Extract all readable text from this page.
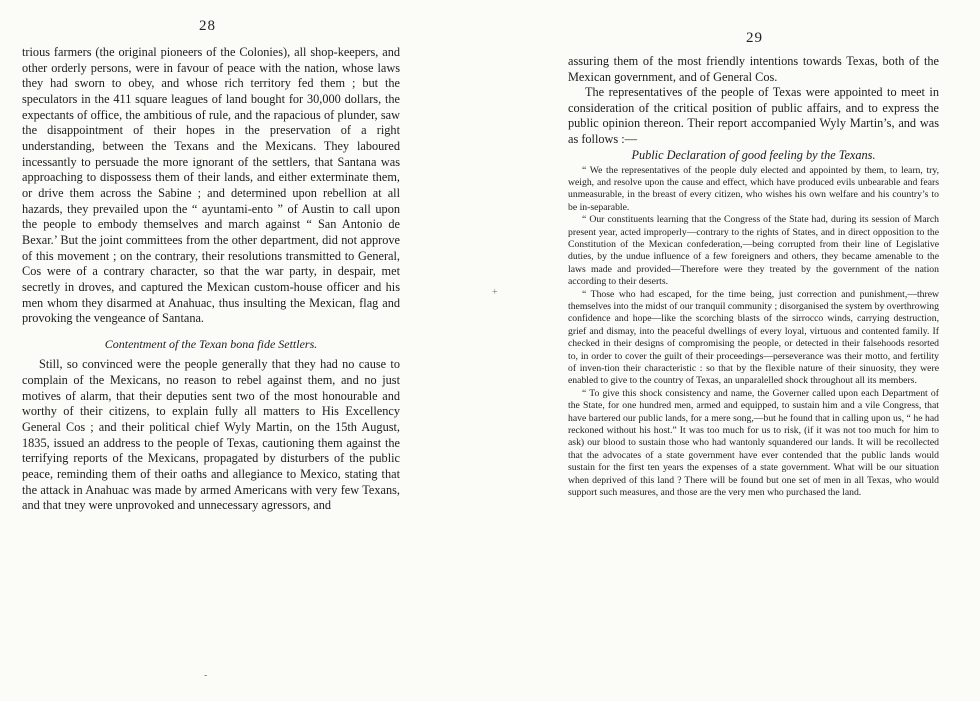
28
29

trious farmers (the original pioneers of the Colonies), all shop-keepers, and other orderly persons, were in favour of peace with the nation, whose laws they had sworn to obey, and whose rich territory fed them ; but the speculators in the 411 square leagues of land bought for 30,000 dollars, the expectants of office, the ambitious of rule, and the rapacious of plunder, saw the disappointment of their hopes in the preservation of a right understanding, between the Texans and the Mexicans. They laboured incessantly to persuade the more ignorant of the settlers, that Santana was approaching to dispossess them of their lands, and either exterminate them, or drive them across the Sabine ; and determined upon rebellion at all hazards, they prevailed upon the “ ayuntami-ento ” of Austin to call upon the people to embody themselves and march against “ San Antonio de Bexar.’ But the joint committees from the other department, did not approve of this movement ; on the contrary, their resolutions transmitted to General, Cos were of a contrary character, so that the war party, in despair, met secretly in droves, and captured the Mexican custom-house officer and his men whom they disarmed at Anahuac, thus insulting the Mexican, flag and provoking the vengeance of Santana.

Contentment of the Texan bona fide Settlers.

Still, so convinced were the people generally that they had no cause to complain of the Mexicans, no reason to rebel against them, and no just motives of alarm, that their deputies sent two of the most honourable and worthy of their citizens, to explain fully all matters to His Excellency General Cos ; and their political chief Wyly Martin, on the 15th August, 1835, issued an address to the people of Texas, cautioning them against the terrifying reports of the Mexicans, propagated by disturbers of the public peace, reminding them of their oaths and allegiance to Mexico, stating that the attack in Anahuac was made by armed Americans with very few Texans, and that tney were unprovoked and unnecessary agressors, and

assuring them of the most friendly intentions towards Texas, both of the Mexican government, and of General Cos.

The representatives of the people of Texas were appointed to meet in consideration of the critical position of public affairs, and to express the public opinion thereon. Their report accompanied Wyly Martin’s, and was as follows :—

Public Declaration of good feeling by the Texans.

“ We the representatives of the people duly elected and appointed by them, to learn, try, weigh, and resolve upon the cause and effect, which have produced evils unbearable and fears unmeasurable, in the breast of every citizen, who wishes his own welfare and his country’s to be in-separable.

“ Our constituents learning that the Congress of the State had, during its session of March present year, acted improperly—contrary to the rights of States, and in direct opposition to the Constitution of the Mexican confederation,—being corrupted from their line of Legislative duties, by the undue influence of a few foreigners and others, they became amenable to the laws made and provided—Therefore were they treated by the government of the nation according to their deserts.

“ Those who had escaped, for the time being, just correction and punishment,—threw themselves into the midst of our tranquil community ; disorganised the system by overthrowing confidence and hope—like the scorching blasts of the sirrocco winds, carrying destruction, grief and dismay, into the peaceful dwellings of every loyal, virtuous and contented family. If checked in their designs of compromising the people, or detected in their falsehoods resorted to, in order to cover the guilt of their proceedings—perseverance was their motto, and fertility of inven-tion their characteristic : so that by the flexible nature of their sinuosity, they were enabled to give to the country of Texas, an unparalelled shock throughout all its members.

“ To give this shock consistency and name, the Governer called upon each Department of the State, for one hundred men, armed and equipped, to sustain him and a vile Congress, that have bartered our public lands, for a mere song,—but he found that in calling upon us, “ he had reckoned without his host.” It was too much for us to risk, (if it was not too much for him to ask) our blood to sustain those who had wantonly squandered our lands. It will be recollected that the advocates of a state government have ever contended that the public lands would sustain for the first ten years the expenses of a state government. What will be our situation when deprived of this land ? There will be found but one set of men in all Texas, who would support such measures, and those are the very men who purchased the land.

+
-
